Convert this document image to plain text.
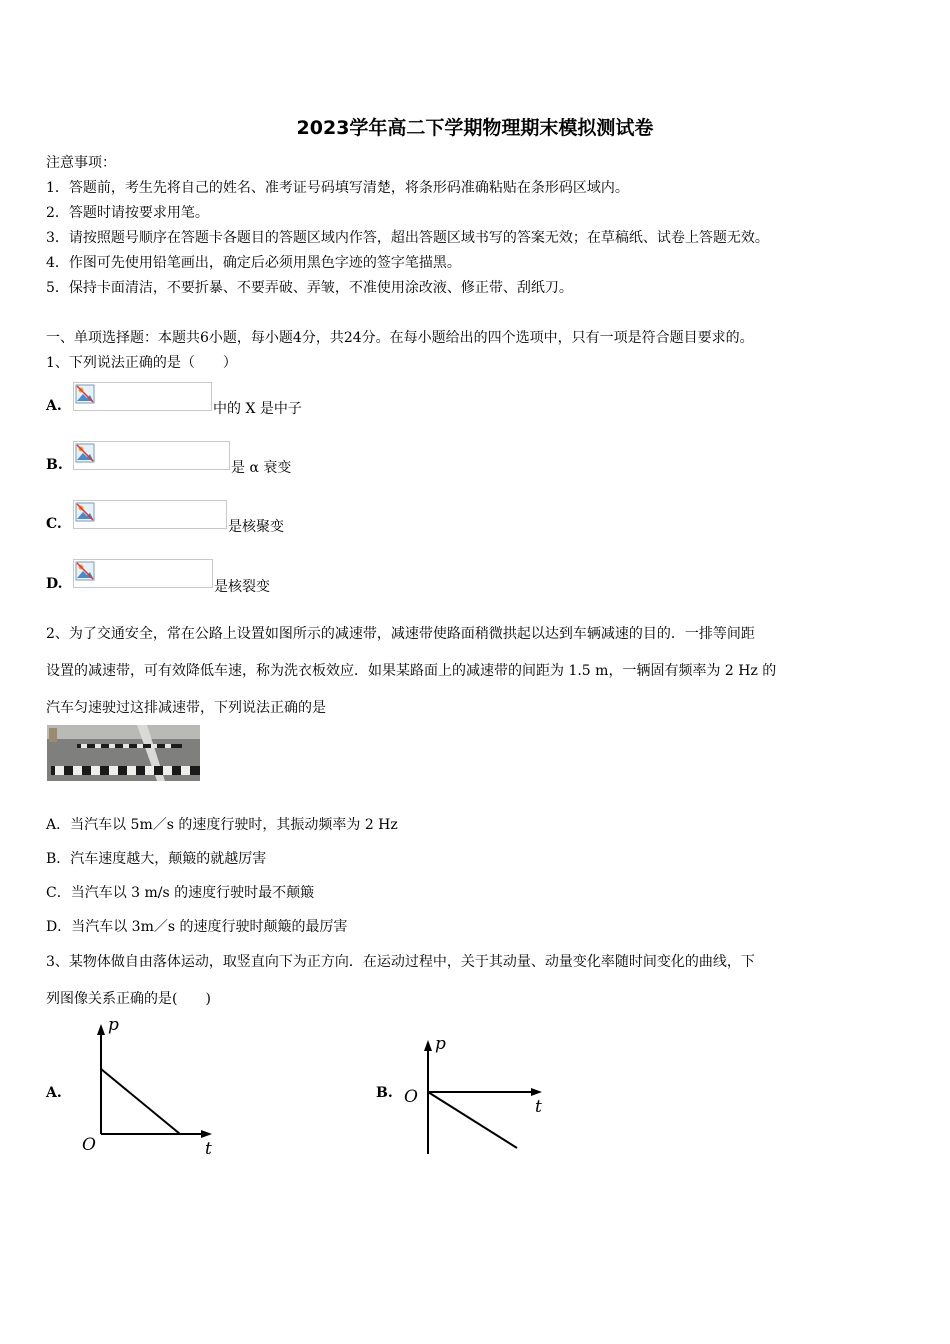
2023学年高二下学期物理期末模拟测试卷
注意事项：
1．答题前，考生先将自己的姓名、准考证号码填写清楚，将条形码准确粘贴在条形码区域内。
2．答题时请按要求用笔。
3．请按照题号顺序在答题卡各题目的答题区域内作答，超出答题区域书写的答案无效；在草稿纸、试卷上答题无效。
4．作图可先使用铅笔画出，确定后必须用黑色字迹的签字笔描黑。
5．保持卡面清洁，不要折暴、不要弄破、弄皱，不准使用涂改液、修正带、刮纸刀。
一、单项选择题：本题共6小题，每小题4分，共24分。在每小题给出的四个选项中，只有一项是符合题目要求的。
1、下列说法正确的是（　　）
A.	中的 X 是中子
B.	是 α 衰变
C.	是核聚变
D.	是核裂变
2、为了交通安全，常在公路上设置如图所示的减速带，减速带使路面稍微拱起以达到车辆减速的目的．一排等间距
设置的减速带，可有效降低车速，称为洗衣板效应．如果某路面上的减速带的间距为 1.5 m，一辆固有频率为 2 Hz 的
汽车匀速驶过这排减速带，下列说法正确的是
A．当汽车以 5m／s 的速度行驶时，其振动频率为 2 Hz
B．汽车速度越大，颠簸的就越厉害
C．当汽车以 3 m/s 的速度行驶时最不颠簸
D．当汽车以 3m／s 的速度行驶时颠簸的最厉害
3、某物体做自由落体运动，取竖直向下为正方向．在运动过程中，关于其动量、动量变化率随时间变化的曲线，下
列图像关系正确的是(　　)
A.
p
t
O
B.
p
t
O
